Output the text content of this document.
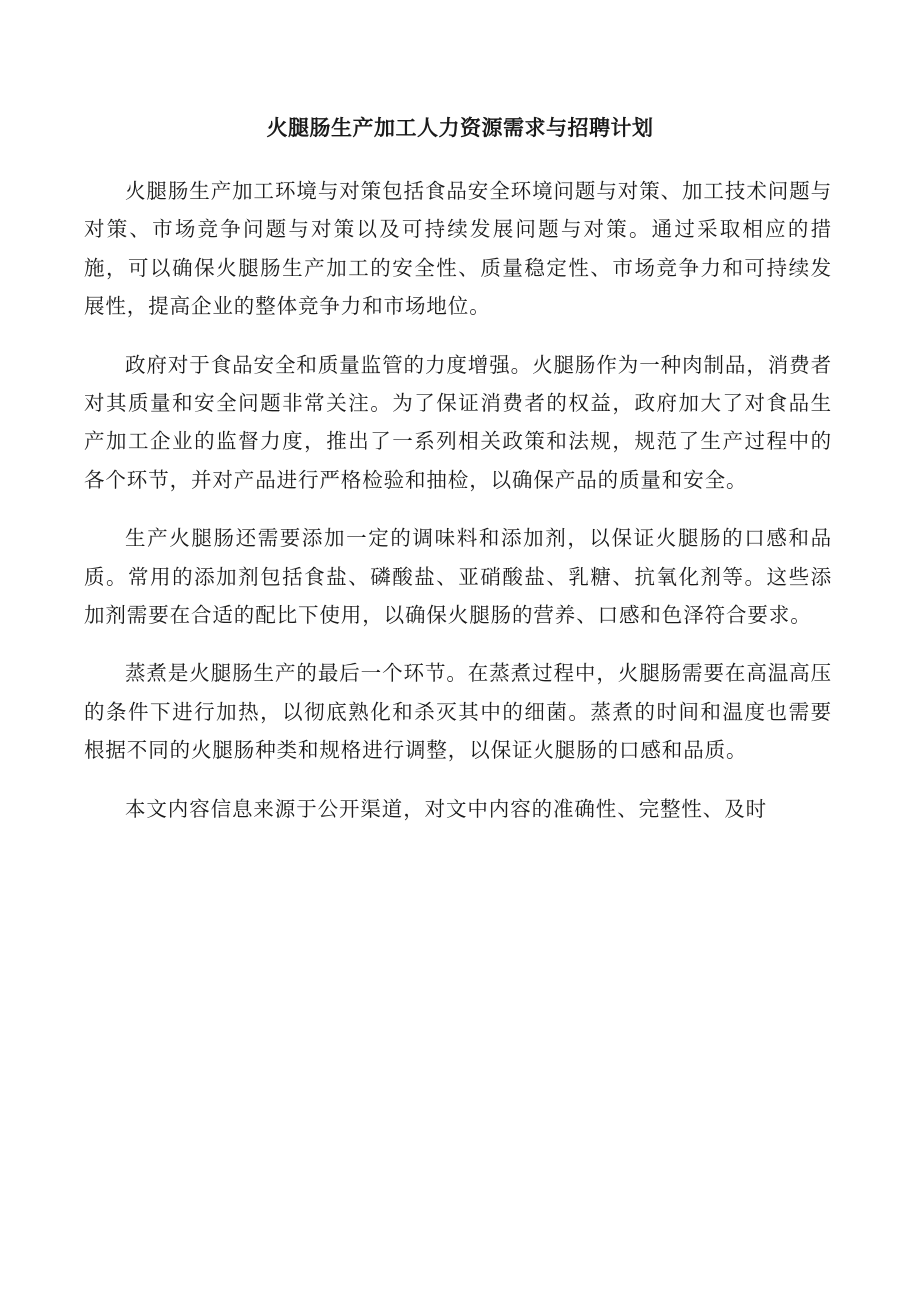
火腿肠生产加工人力资源需求与招聘计划

火腿肠生产加工环境与对策包括食品安全环境问题与对策、加工技术问题与对策、市场竞争问题与对策以及可持续发展问题与对策。通过采取相应的措施，可以确保火腿肠生产加工的安全性、质量稳定性、市场竞争力和可持续发展性，提高企业的整体竞争力和市场地位。

政府对于食品安全和质量监管的力度增强。火腿肠作为一种肉制品，消费者对其质量和安全问题非常关注。为了保证消费者的权益，政府加大了对食品生产加工企业的监督力度，推出了一系列相关政策和法规，规范了生产过程中的各个环节，并对产品进行严格检验和抽检，以确保产品的质量和安全。

生产火腿肠还需要添加一定的调味料和添加剂，以保证火腿肠的口感和品质。常用的添加剂包括食盐、磷酸盐、亚硝酸盐、乳糖、抗氧化剂等。这些添加剂需要在合适的配比下使用，以确保火腿肠的营养、口感和色泽符合要求。

蒸煮是火腿肠生产的最后一个环节。在蒸煮过程中，火腿肠需要在高温高压的条件下进行加热，以彻底熟化和杀灭其中的细菌。蒸煮的时间和温度也需要根据不同的火腿肠种类和规格进行调整，以保证火腿肠的口感和品质。

本文内容信息来源于公开渠道，对文中内容的准确性、完整性、及时
